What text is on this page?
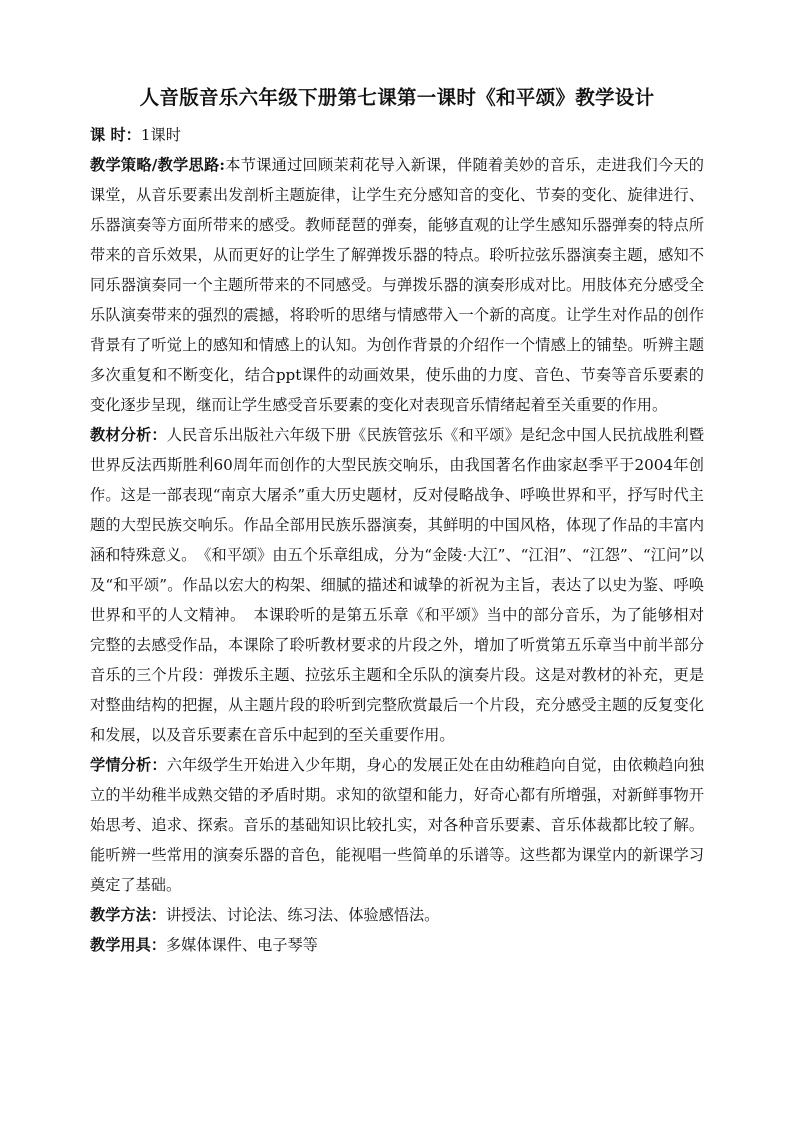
人音版音乐六年级下册第七课第一课时《和平颂》教学设计

课 时：1课时

教学策略/教学思路:本节课通过回顾茉莉花导入新课，伴随着美妙的音乐，走进我们今天的课堂，从音乐要素出发剖析主题旋律，让学生充分感知音的变化、节奏的变化、旋律进行、乐器演奏等方面所带来的感受。教师琵琶的弹奏，能够直观的让学生感知乐器弹奏的特点所带来的音乐效果，从而更好的让学生了解弹拨乐器的特点。聆听拉弦乐器演奏主题，感知不同乐器演奏同一个主题所带来的不同感受。与弹拨乐器的演奏形成对比。用肢体充分感受全乐队演奏带来的强烈的震撼，将聆听的思绪与情感带入一个新的高度。让学生对作品的创作背景有了听觉上的感知和情感上的认知。为创作背景的介绍作一个情感上的铺垫。听辨主题多次重复和不断变化，结合ppt课件的动画效果，使乐曲的力度、音色、节奏等音乐要素的变化逐步呈现，继而让学生感受音乐要素的变化对表现音乐情绪起着至关重要的作用。

教材分析：人民音乐出版社六年级下册《民族管弦乐《和平颂》是纪念中国人民抗战胜利暨世界反法西斯胜利60周年而创作的大型民族交响乐，由我国著名作曲家赵季平于2004年创作。这是一部表现“南京大屠杀”重大历史题材，反对侵略战争、呼唤世界和平，抒写时代主题的大型民族交响乐。作品全部用民族乐器演奏，其鲜明的中国风格，体现了作品的丰富内涵和特殊意义。　《和平颂》由五个乐章组成，分为“金陵·大江”、“江泪”、“江怨”、“江问”以及“和平颂”。作品以宏大的构架、细腻的描述和诚挚的祈祝为主旨，表达了以史为鉴、呼唤世界和平的人文精神。　本课聆听的是第五乐章《和平颂》当中的部分音乐，为了能够相对完整的去感受作品，本课除了聆听教材要求的片段之外，增加了听赏第五乐章当中前半部分音乐的三个片段：弹拨乐主题、拉弦乐主题和全乐队的演奏片段。这是对教材的补充，更是对整曲结构的把握，从主题片段的聆听到完整欣赏最后一个片段，充分感受主题的反复变化和发展，以及音乐要素在音乐中起到的至关重要作用。

学情分析：六年级学生开始进入少年期，身心的发展正处在由幼稚趋向自觉，由依赖趋向独立的半幼稚半成熟交错的矛盾时期。求知的欲望和能力，好奇心都有所增强，对新鲜事物开始思考、追求、探索。音乐的基础知识比较扎实，对各种音乐要素、音乐体裁都比较了解。能听辨一些常用的演奏乐器的音色，能视唱一些简单的乐谱等。这些都为课堂内的新课学习奠定了基础。

教学方法：讲授法、讨论法、练习法、体验感悟法。

教学用具：多媒体课件、电子琴等
